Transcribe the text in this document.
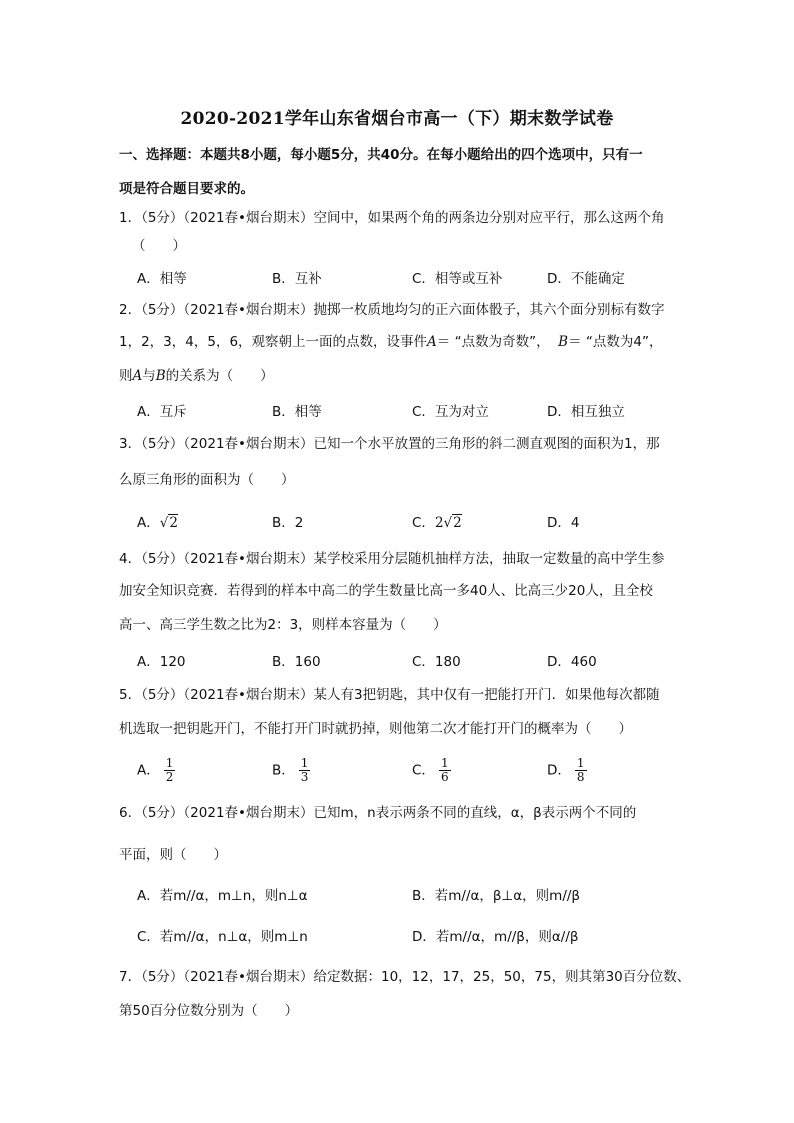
2020-2021学年山东省烟台市高一（下）期末数学试卷
一、选择题：本题共8小题，每小题5分，共40分。在每小题给出的四个选项中，只有一
项是符合题目要求的。
1．（5分）（2021春•烟台期末）空间中，如果两个角的两条边分别对应平行，那么这两个角
（　　）
A．相等	B．互补	C．相等或互补	D．不能确定
2．（5分）（2021春•烟台期末）抛掷一枚质地均匀的正六面体骰子，其六个面分别标有数字
1，2，3，4，5，6，观察朝上一面的点数，设事件A＝ “点数为奇数”， B＝ “点数为4”，
则A与B的关系为（　　）
A．互斥	B．相等	C．互为对立	D．相互独立
3．（5分）（2021春•烟台期末）已知一个水平放置的三角形的斜二测直观图的面积为1，那
么原三角形的面积为（　　）
A．√2	B．2	C．2√2	D．4
4．（5分）（2021春•烟台期末）某学校采用分层随机抽样方法，抽取一定数量的高中学生参
加安全知识竞赛．若得到的样本中高二的学生数量比高一多40人、比高三少20人，且全校
高一、高三学生数之比为2：3，则样本容量为（　　）
A．120	B．160	C．180	D．460
5．（5分）（2021春•烟台期末）某人有3把钥匙，其中仅有一把能打开门．如果他每次都随
机选取一把钥匙开门，不能打开门时就扔掉，则他第二次才能打开门的概率为（　　）
A． $\frac{1}{2}$	B． $\frac{1}{3}$	C． $\frac{1}{6}$	D． $\frac{1}{8}$
6．（5分）（2021春•烟台期末）已知m，n表示两条不同的直线，α，β表示两个不同的
平面，则（　　）
A．若m//α，m⊥n，则n⊥α	B．若m//α，β⊥α，则m//β
C．若m//α，n⊥α，则m⊥n	D．若m//α，m//β，则α//β
7．（5分）（2021春•烟台期末）给定数据：10，12，17，25，50，75，则其第30百分位数、
第50百分位数分别为（　　）
